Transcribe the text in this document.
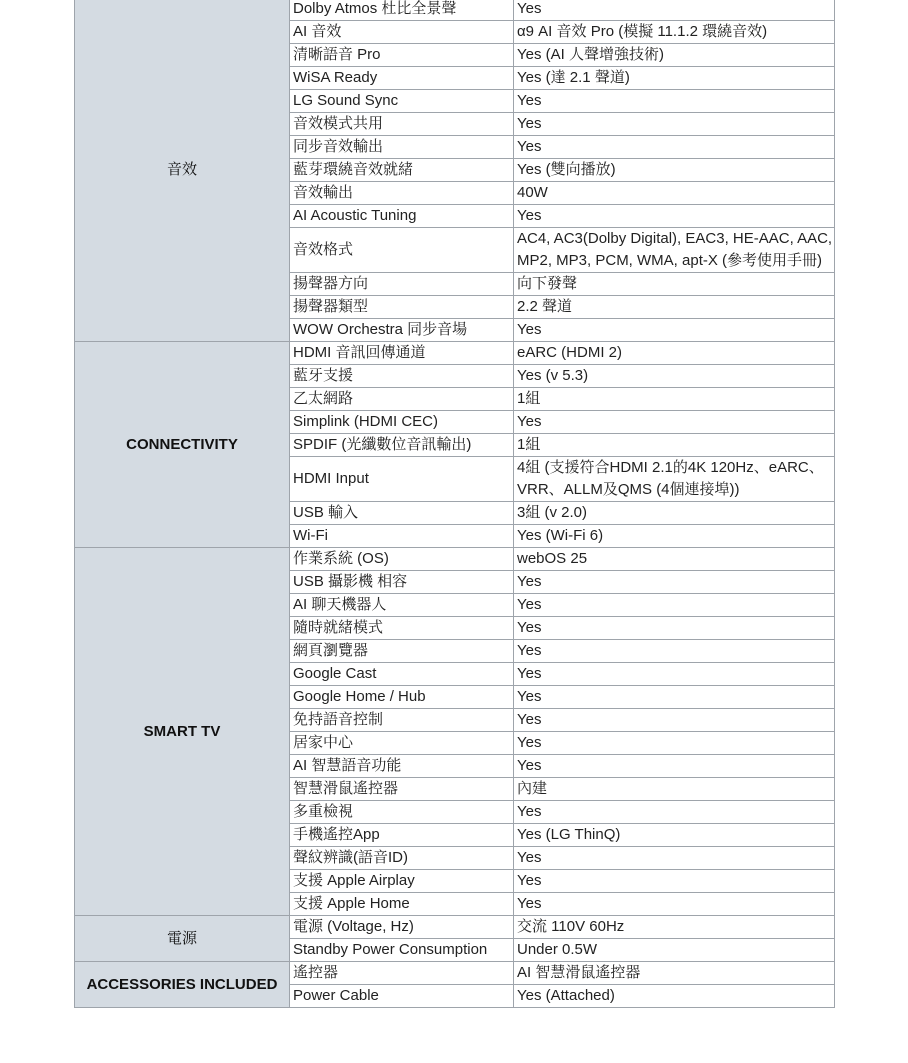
音效	Dolby Atmos 杜比全景聲	Yes
	AI 音效	α9 AI 音效 Pro (模擬 11.1.2 環繞音效)
	清晰語音 Pro	Yes (AI 人聲增強技術)
	WiSA Ready	Yes (達 2.1 聲道)
	LG Sound Sync	Yes
	音效模式共用	Yes
	同步音效輸出	Yes
	藍芽環繞音效就緒	Yes (雙向播放)
	音效輸出	40W
	AI Acoustic Tuning	Yes
	音效格式	AC4, AC3(Dolby Digital), EAC3, HE-AAC, AAC, MP2, MP3, PCM, WMA, apt-X (參考使用手冊)
	揚聲器方向	向下發聲
	揚聲器類型	2.2 聲道
	WOW Orchestra 同步音場	Yes
CONNECTIVITY	HDMI 音訊回傳通道	eARC (HDMI 2)
	藍牙支援	Yes (v 5.3)
	乙太網路	1組
	Simplink (HDMI CEC)	Yes
	SPDIF (光纖數位音訊輸出)	1組
	HDMI Input	4組 (支援符合HDMI 2.1的4K 120Hz、eARC、VRR、ALLM及QMS (4個連接埠))
	USB 輸入	3組 (v 2.0)
	Wi-Fi	Yes (Wi-Fi 6)
SMART TV	作業系統 (OS)	webOS 25
	USB 攝影機 相容	Yes
	AI 聊天機器人	Yes
	隨時就緒模式	Yes
	網頁瀏覽器	Yes
	Google Cast	Yes
	Google Home / Hub	Yes
	免持語音控制	Yes
	居家中心	Yes
	AI 智慧語音功能	Yes
	智慧滑鼠遙控器	內建
	多重檢視	Yes
	手機遙控App	Yes (LG ThinQ)
	聲紋辨識(語音ID)	Yes
	支援 Apple Airplay	Yes
	支援 Apple Home	Yes
電源	電源 (Voltage, Hz)	交流 110V 60Hz
	Standby Power Consumption	Under 0.5W
ACCESSORIES INCLUDED	遙控器	AI 智慧滑鼠遙控器
	Power Cable	Yes (Attached)
